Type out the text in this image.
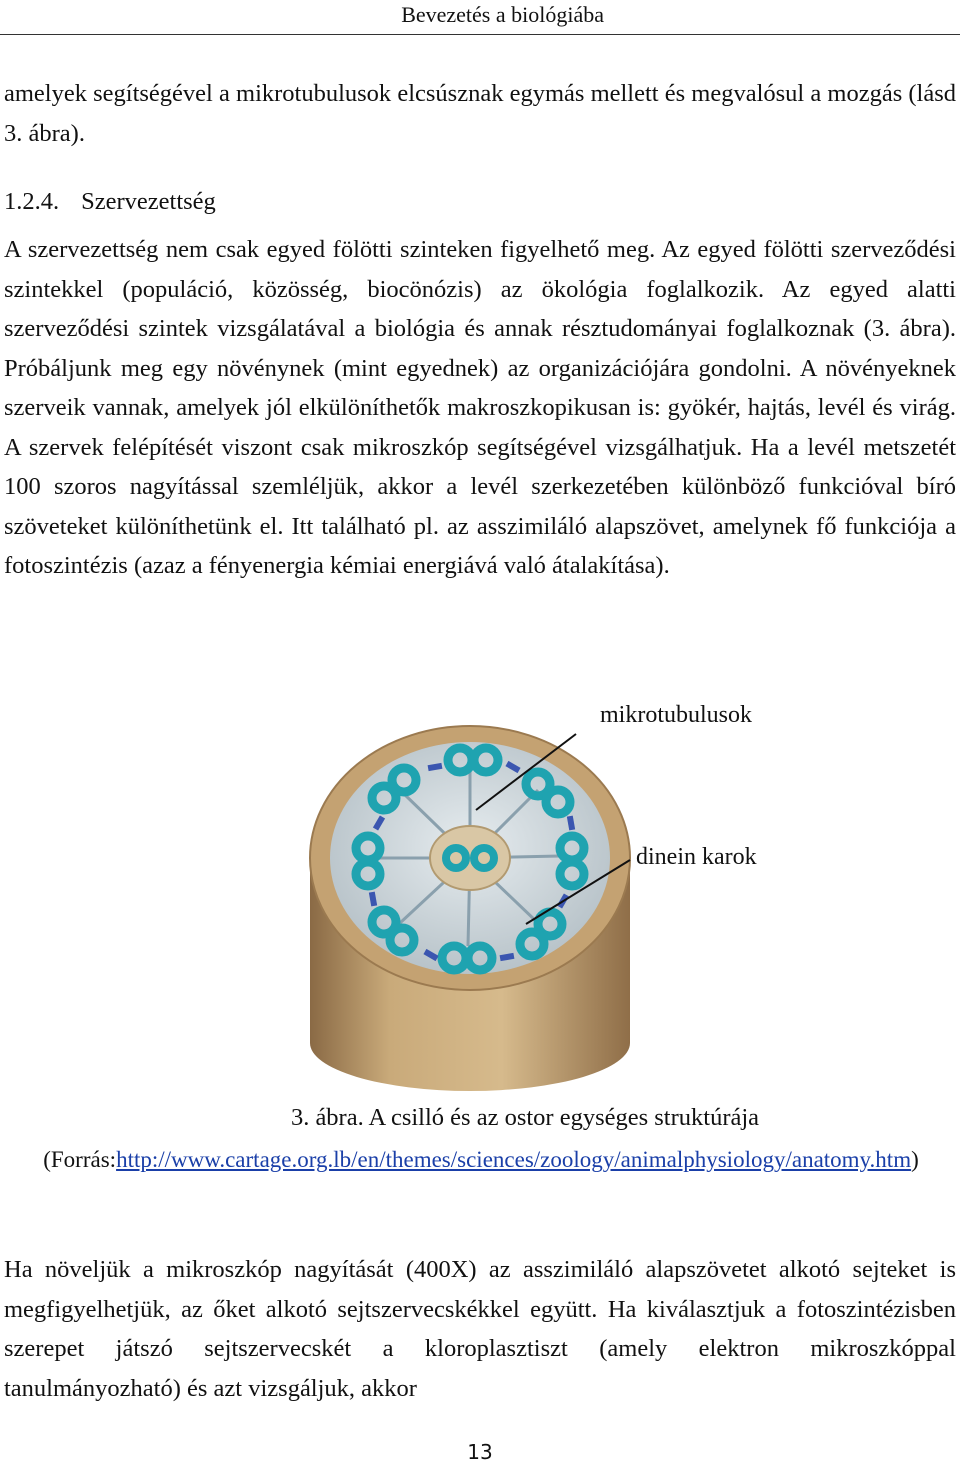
Bevezetés a biológiába

amelyek segítségével a mikrotubulusok elcsúsznak egymás mellett és megvalósul a mozgás (lásd 3. ábra).

1.2.4. Szervezettség

A szervezettség nem csak egyed fölötti szinteken figyelhető meg. Az egyed fölötti szerveződési szintekkel (populáció, közösség, biocönózis) az ökológia foglalkozik. Az egyed alatti szerveződési szintek vizsgálatával a biológia és annak résztudományai foglalkoznak (3. ábra). Próbáljunk meg egy növénynek (mint egyednek) az organizációjára gondolni. A növényeknek szerveik vannak, amelyek jól elkülöníthetők makroszkopikusan is: gyökér, hajtás, levél és virág. A szervek felépítését viszont csak mikroszkóp segítségével vizsgálhatjuk. Ha a levél metszetét 100 szoros nagyítással szemléljük, akkor a levél szerkezetében különböző funkcióval bíró szöveteket különíthetünk el. Itt található pl. az asszimiláló alapszövet, amelynek fő funkciója a fotoszintézis (azaz a fényenergia kémiai energiává való átalakítása).

mikrotubulusok
dinein karok
3. ábra. A csilló és az ostor egységes struktúrája
(Forrás:http://www.cartage.org.lb/en/themes/sciences/zoology/animalphysiology/anatomy.htm)

Ha növeljük a mikroszkóp nagyítását (400X) az asszimiláló alapszövetet alkotó sejteket is megfigyelhetjük, az őket alkotó sejtszervecskékkel együtt. Ha kiválasztjuk a fotoszintézisben szerepet játszó sejtszervecskét a kloroplasztiszt (amely elektron mikroszkóppal tanulmányozható) és azt vizsgáljuk, akkor

13
